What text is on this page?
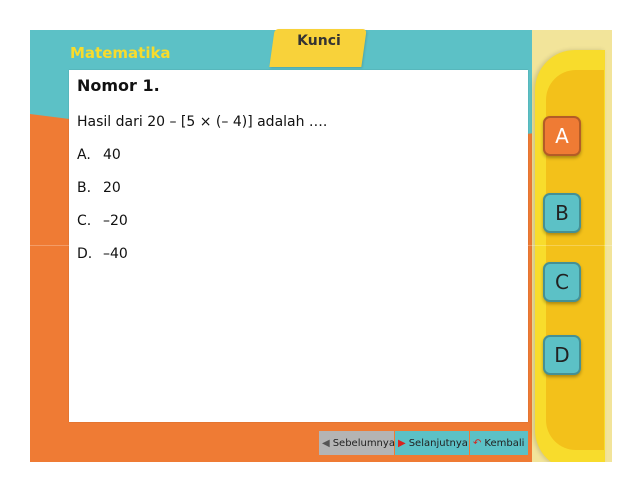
Matematika
Kunci
Nomor 1.
Hasil dari 20 – [5 × (– 4)] adalah ….
A. 40
B. 20
C. –20
D. –40
A
B
C
D
◀ Sebelumnya ▶ Selanjutnya ↶ Kembali
